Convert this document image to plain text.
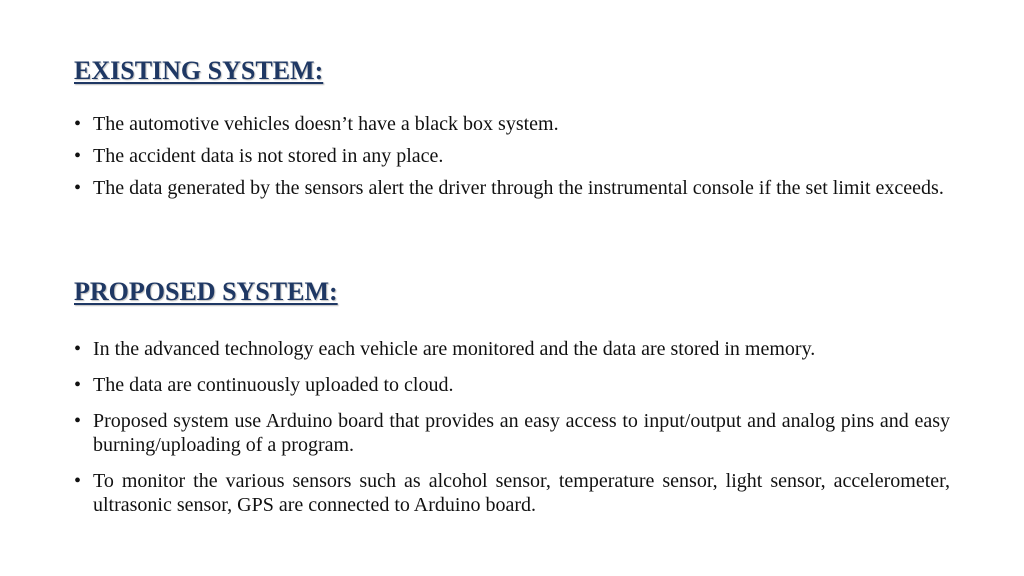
EXISTING SYSTEM:
• The automotive vehicles doesn’t have a black box system.
• The accident data is not stored in any place.
• The data generated by the sensors alert the driver through the instrumental console if the set limit exceeds.
PROPOSED SYSTEM:
• In the advanced technology each vehicle are monitored and the data are stored in memory.
• The data are continuously uploaded to cloud.
• Proposed system use Arduino board that provides an easy access to input/output and analog pins and easy burning/uploading of a program.
• To monitor the various sensors such as alcohol sensor, temperature sensor, light sensor, accelerometer, ultrasonic sensor, GPS are connected to Arduino board.
